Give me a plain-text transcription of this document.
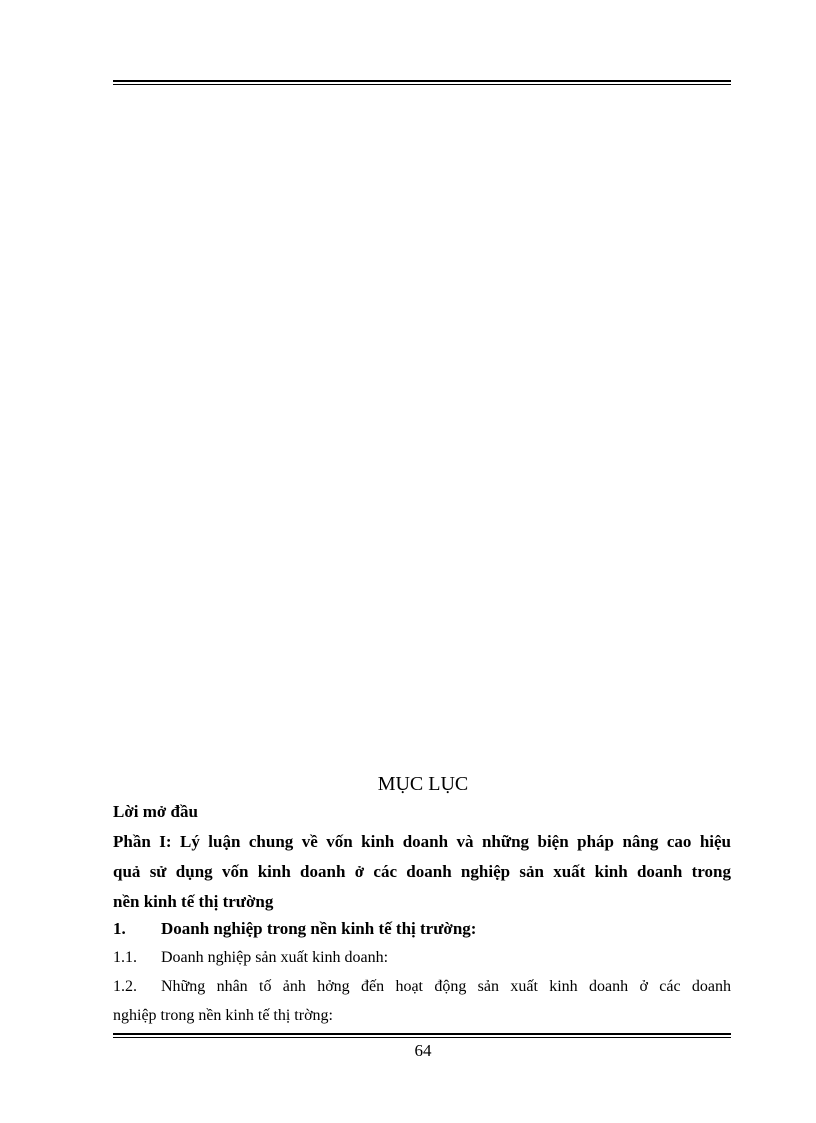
MỤC LỤC
Lời mở đầu
Phần I: Lý luận chung về vốn kinh doanh và những biện pháp nâng cao hiệu
quả sử dụng vốn kinh doanh ở các doanh nghiệp sản xuất kinh doanh trong
nền kinh tế thị trường
1.	Doanh nghiệp trong nền kinh tế thị trường:
1.1.	Doanh nghiệp sản xuất kinh doanh:
1.2.	Những nhân tố ảnh hởng đến hoạt động sản xuất kinh doanh ở các doanh
nghiệp trong nền kinh tế thị trờng:
64
